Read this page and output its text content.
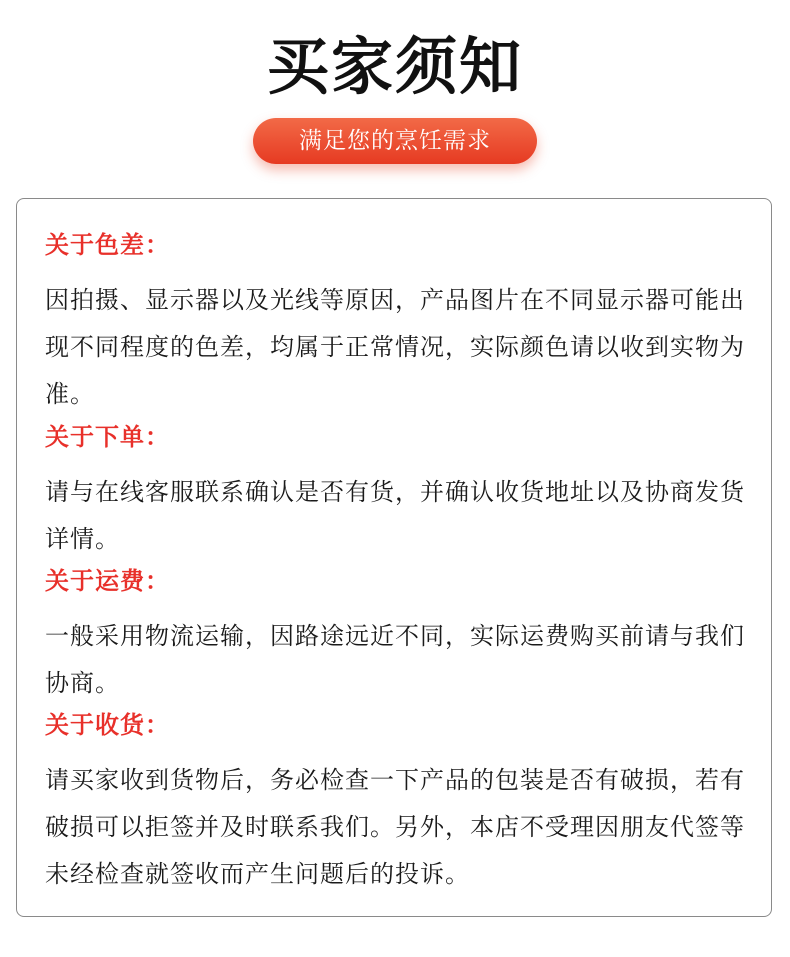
买家须知
满足您的烹饪需求
关于色差：
因拍摄、显示器以及光线等原因，产品图片在不同显示器可能出现不同程度的色差，均属于正常情况，实际颜色请以收到实物为准。
关于下单：
请与在线客服联系确认是否有货，并确认收货地址以及协商发货详情。
关于运费：
一般采用物流运输，因路途远近不同，实际运费购买前请与我们协商。
关于收货：
请买家收到货物后，务必检查一下产品的包装是否有破损，若有破损可以拒签并及时联系我们。另外，本店不受理因朋友代签等未经检查就签收而产生问题后的投诉。
